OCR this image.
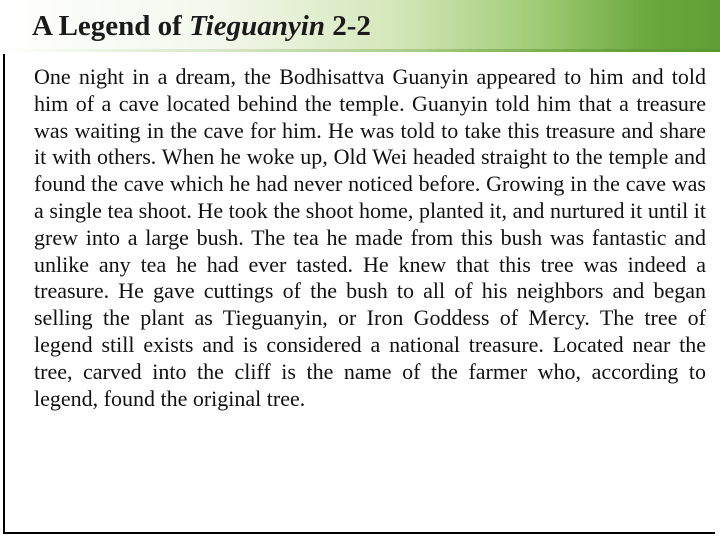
A Legend of Tieguanyin 2-2

One night in a dream, the Bodhisattva Guanyin appeared to him and told him of a cave located behind the temple. Guanyin told him that a treasure was waiting in the cave for him. He was told to take this treasure and share it with others. When he woke up, Old Wei headed straight to the temple and found the cave which he had never noticed before. Growing in the cave was a single tea shoot. He took the shoot home, planted it, and nurtured it until it grew into a large bush. The tea he made from this bush was fantastic and unlike any tea he had ever tasted. He knew that this tree was indeed a treasure. He gave cuttings of the bush to all of his neighbors and began selling the plant as Tieguanyin, or Iron Goddess of Mercy. The tree of legend still exists and is considered a national treasure. Located near the tree, carved into the cliff is the name of the farmer who, according to legend, found the original tree.
